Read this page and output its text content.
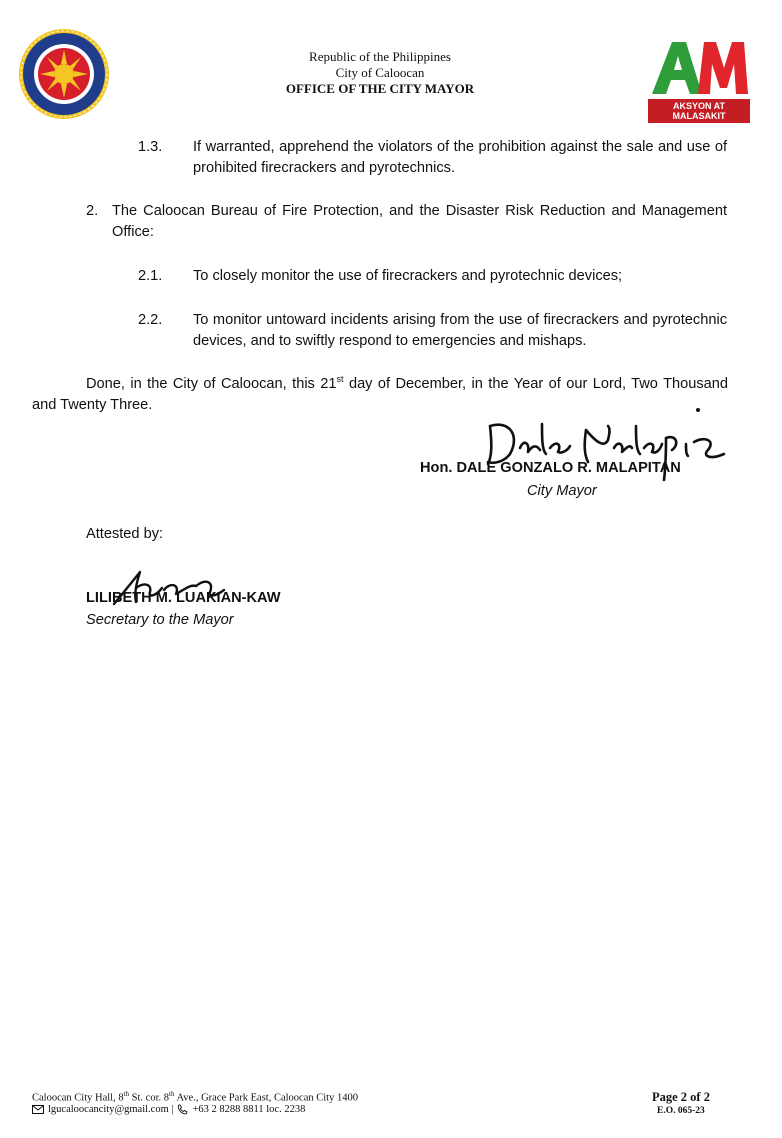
Republic of the Philippines
City of Caloocan
OFFICE OF THE CITY MAYOR
AKSYON AT MALASAKIT
1.3. If warranted, apprehend the violators of the prohibition against the sale and use of prohibited firecrackers and pyrotechnics.
2. The Caloocan Bureau of Fire Protection, and the Disaster Risk Reduction and Management Office:
2.1. To closely monitor the use of firecrackers and pyrotechnic devices;
2.2. To monitor untoward incidents arising from the use of firecrackers and pyrotechnic devices, and to swiftly respond to emergencies and mishaps.
Done, in the City of Caloocan, this 21st day of December, in the Year of our Lord, Two Thousand and Twenty Three.
Hon. DALE GONZALO R. MALAPITAN
City Mayor
Attested by:
LILIBETH M. LUAKIAN-KAW
Secretary to the Mayor
Caloocan City Hall, 8th St. cor. 8th Ave., Grace Park East, Caloocan City 1400
lgucaloocancity@gmail.com | +63 2 8288 8811 loc. 2238
Page 2 of 2
E.O. 065-23
